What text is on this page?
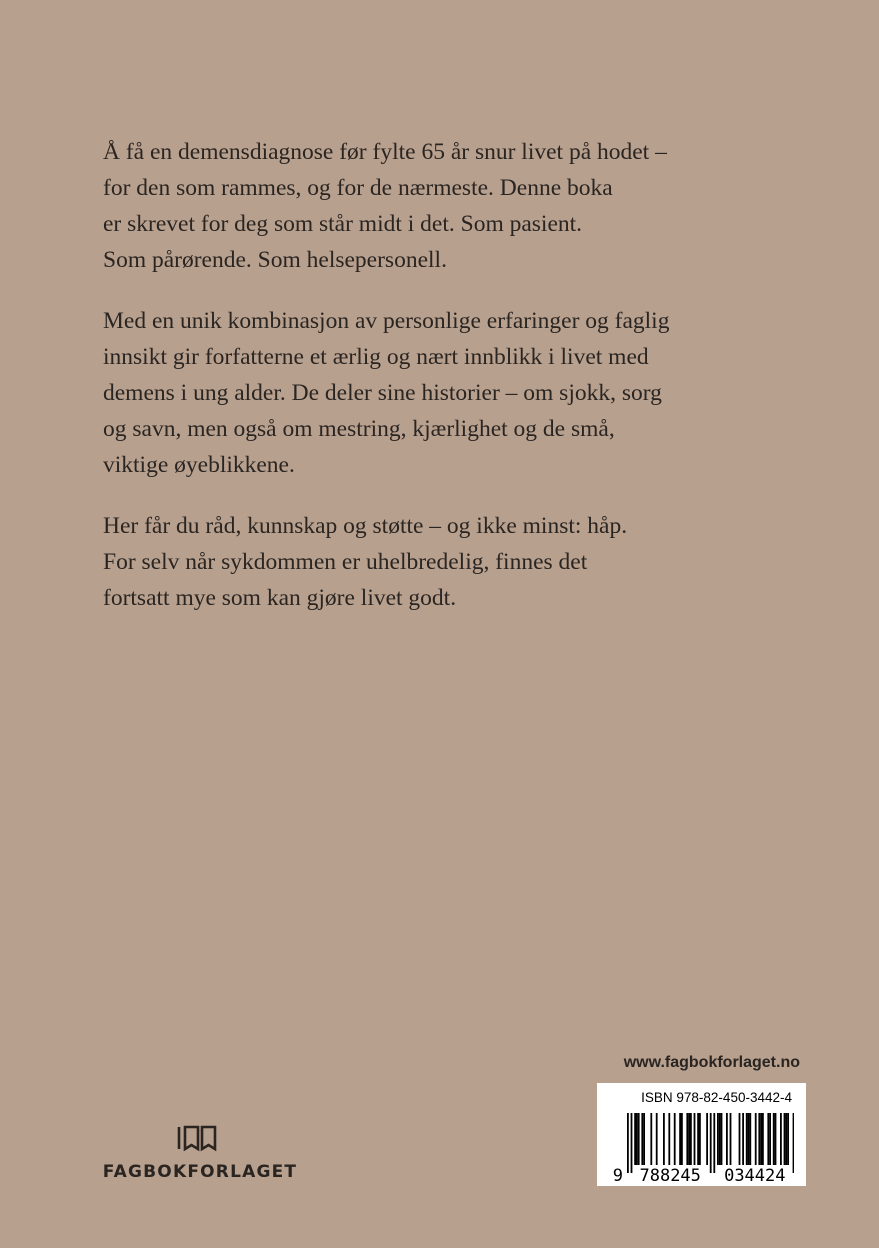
Å få en demensdiagnose før fylte 65 år snur livet på hodet –
for den som rammes, og for de nærmeste. Denne boka
er skrevet for deg som står midt i det. Som pasient.
Som pårørende. Som helsepersonell.

Med en unik kombinasjon av personlige erfaringer og faglig
innsikt gir forfatterne et ærlig og nært innblikk i livet med
demens i ung alder. De deler sine historier – om sjokk, sorg
og savn, men også om mestring, kjærlighet og de små,
viktige øyeblikkene.

Her får du råd, kunnskap og støtte – og ikke minst: håp.
For selv når sykdommen er uhelbredelig, finnes det
fortsatt mye som kan gjøre livet godt.

www.fagbokforlaget.no
ISBN 978-82-450-3442-4
9 788245 034424
FAGBOKFORLAGET
